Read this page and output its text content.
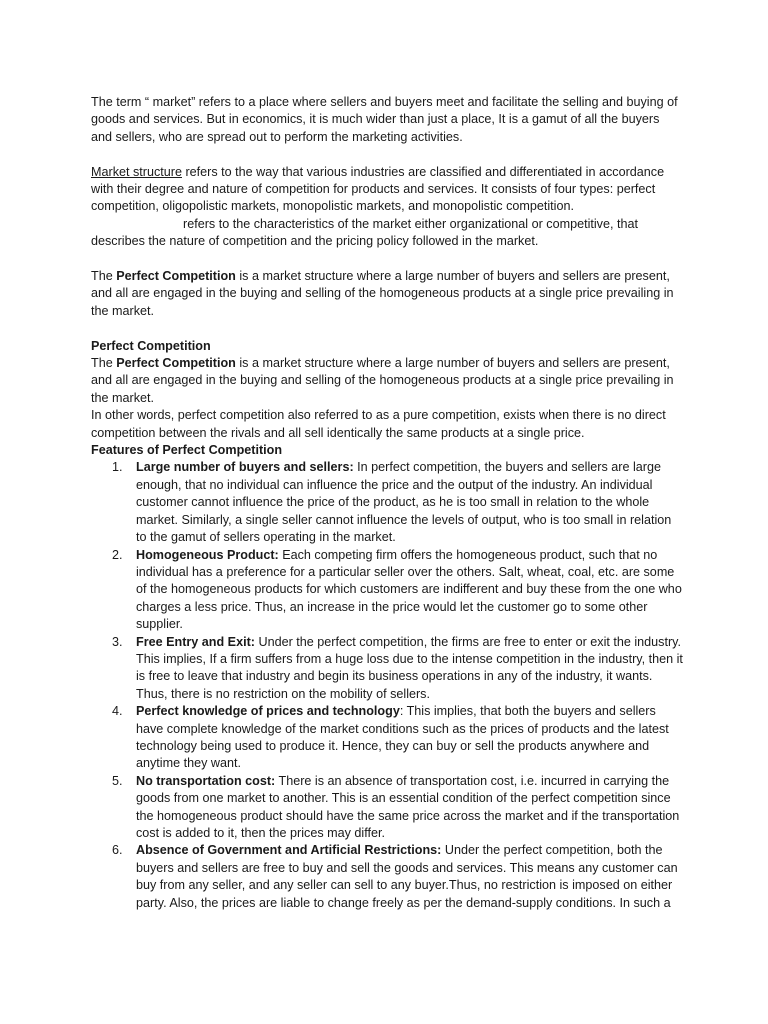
The term “ market” refers to a place where sellers and buyers meet and facilitate the selling and buying of goods and services. But in economics, it is much wider than just a place, It is a gamut of all the buyers and sellers, who are spread out to perform the marketing activities.

Market structure refers to the way that various industries are classified and differentiated in accordance with their degree and nature of competition for products and services. It consists of four types: perfect competition, oligopolistic markets, monopolistic markets, and monopolistic competition.

refers to the characteristics of the market either organizational or competitive, that describes the nature of competition and the pricing policy followed in the market.

The Perfect Competition is a market structure where a large number of buyers and sellers are present, and all are engaged in the buying and selling of the homogeneous products at a single price prevailing in the market.

Perfect Competition

The Perfect Competition is a market structure where a large number of buyers and sellers are present, and all are engaged in the buying and selling of the homogeneous products at a single price prevailing in the market.

In other words, perfect competition also referred to as a pure competition, exists when there is no direct competition between the rivals and all sell identically the same products at a single price.

Features of Perfect Competition

1. Large number of buyers and sellers: In perfect competition, the buyers and sellers are large enough, that no individual can influence the price and the output of the industry. An individual customer cannot influence the price of the product, as he is too small in relation to the whole market. Similarly, a single seller cannot influence the levels of output, who is too small in relation to the gamut of sellers operating in the market.
2. Homogeneous Product: Each competing firm offers the homogeneous product, such that no individual has a preference for a particular seller over the others. Salt, wheat, coal, etc. are some of the homogeneous products for which customers are indifferent and buy these from the one who charges a less price. Thus, an increase in the price would let the customer go to some other supplier.
3. Free Entry and Exit: Under the perfect competition, the firms are free to enter or exit the industry. This implies, If a firm suffers from a huge loss due to the intense competition in the industry, then it is free to leave that industry and begin its business operations in any of the industry, it wants. Thus, there is no restriction on the mobility of sellers.
4. Perfect knowledge of prices and technology: This implies, that both the buyers and sellers have complete knowledge of the market conditions such as the prices of products and the latest technology being used to produce it. Hence, they can buy or sell the products anywhere and anytime they want.
5. No transportation cost: There is an absence of transportation cost, i.e. incurred in carrying the goods from one market to another. This is an essential condition of the perfect competition since the homogeneous product should have the same price across the market and if the transportation cost is added to it, then the prices may differ.
6. Absence of Government and Artificial Restrictions: Under the perfect competition, both the buyers and sellers are free to buy and sell the goods and services. This means any customer can buy from any seller, and any seller can sell to any buyer.Thus, no restriction is imposed on either party. Also, the prices are liable to change freely as per the demand-supply conditions. In such a
